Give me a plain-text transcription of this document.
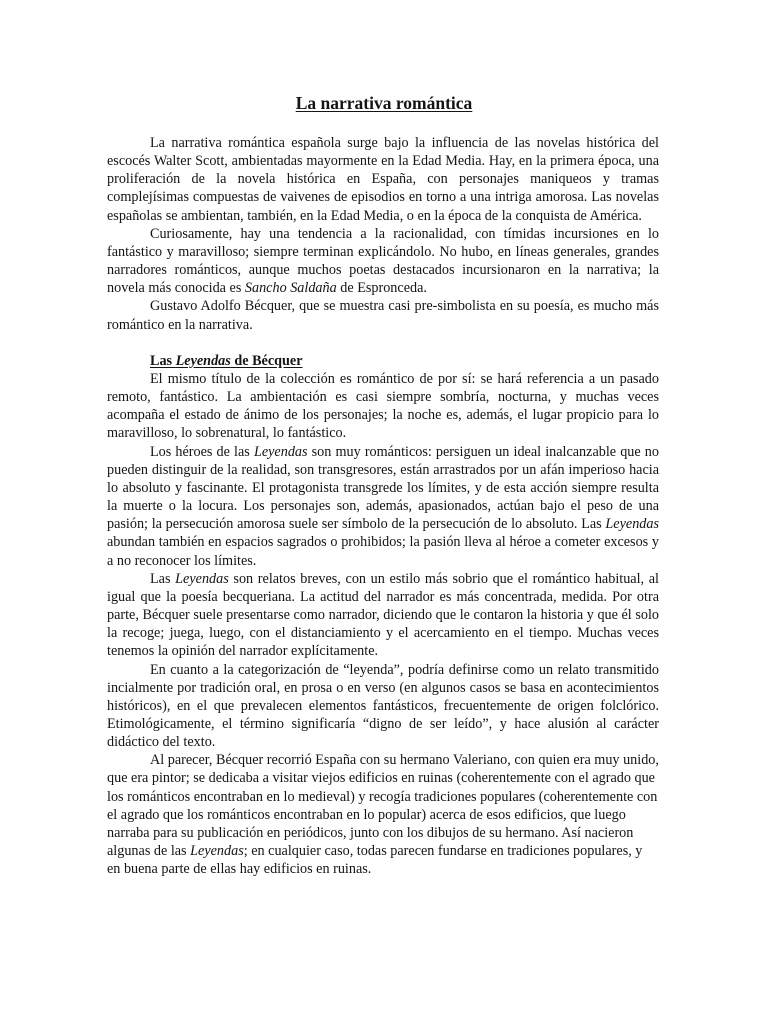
La narrativa romántica

La narrativa romántica española surge bajo la influencia de las novelas histórica del escocés Walter Scott, ambientadas mayormente en la Edad Media. Hay, en la primera época, una proliferación de la novela histórica en España, con personajes maniqueos y tramas complejísimas compuestas de vaivenes de episodios en torno a una intriga amorosa. Las novelas españolas se ambientan, también, en la Edad Media, o en la época de la conquista de América.

Curiosamente, hay una tendencia a la racionalidad, con tímidas incursiones en lo fantástico y maravilloso; siempre terminan explicándolo. No hubo, en líneas generales, grandes narradores románticos, aunque muchos poetas destacados incursionaron en la narrativa; la novela más conocida es Sancho Saldaña de Espronceda.

Gustavo Adolfo Bécquer, que se muestra casi pre-simbolista en su poesía, es mucho más romántico en la narrativa.

Las Leyendas de Bécquer

El mismo título de la colección es romántico de por sí: se hará referencia a un pasado remoto, fantástico. La ambientación es casi siempre sombría, nocturna, y muchas veces acompaña el estado de ánimo de los personajes; la noche es, además, el lugar propicio para lo maravilloso, lo sobrenatural, lo fantástico.

Los héroes de las Leyendas son muy románticos: persiguen un ideal inalcanzable que no pueden distinguir de la realidad, son transgresores, están arrastrados por un afán imperioso hacia lo absoluto y fascinante. El protagonista transgrede los límites, y de esta acción siempre resulta la muerte o la locura. Los personajes son, además, apasionados, actúan bajo el peso de una pasión; la persecución amorosa suele ser símbolo de la persecución de lo absoluto. Las Leyendas abundan también en espacios sagrados o prohibidos; la pasión lleva al héroe a cometer excesos y a no reconocer los límites.

Las Leyendas son relatos breves, con un estilo más sobrio que el romántico habitual, al igual que la poesía becqueriana. La actitud del narrador es más concentrada, medida. Por otra parte, Bécquer suele presentarse como narrador, diciendo que le contaron la historia y que él solo la recoge; juega, luego, con el distanciamiento y el acercamiento en el tiempo. Muchas veces tenemos la opinión del narrador explícitamente.

En cuanto a la categorización de “leyenda”, podría definirse como un relato transmitido incialmente por tradición oral, en prosa o en verso (en algunos casos se basa en acontecimientos históricos), en el que prevalecen elementos fantásticos, frecuentemente de origen folclórico. Etimológicamente, el término significaría “digno de ser leído”, y hace alusión al carácter didáctico del texto.

Al parecer, Bécquer recorrió España con su hermano Valeriano, con quien era muy unido, que era pintor; se dedicaba a visitar viejos edificios en ruinas (coherentemente con el agrado que los románticos encontraban en lo medieval) y recogía tradiciones populares (coherentemente con el agrado que los románticos encontraban en lo popular) acerca de esos edificios, que luego narraba para su publicación en periódicos, junto con los dibujos de su hermano. Así nacieron algunas de las Leyendas; en cualquier caso, todas parecen fundarse en tradiciones populares, y en buena parte de ellas hay edificios en ruinas.
